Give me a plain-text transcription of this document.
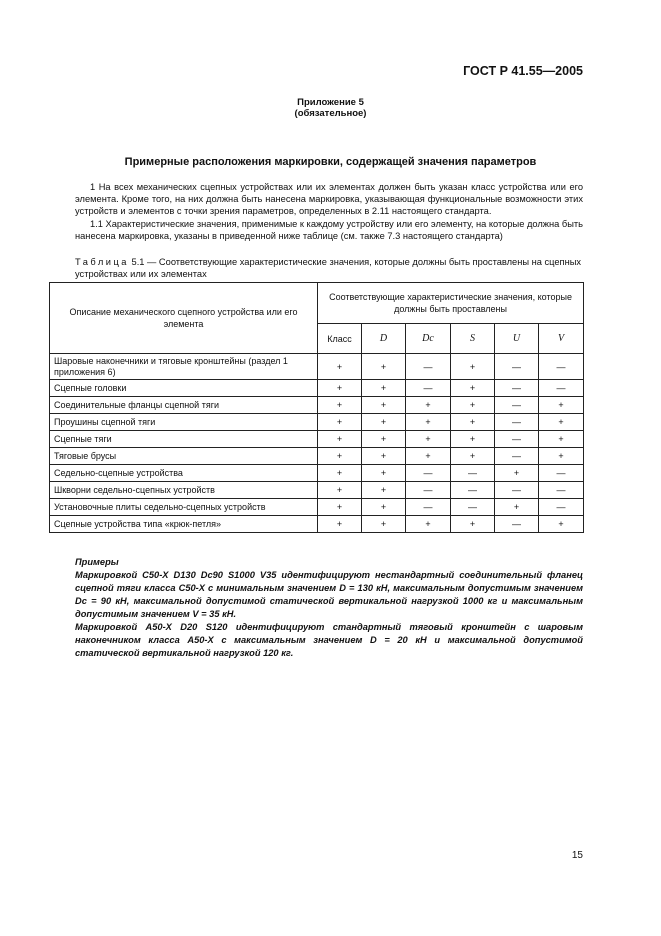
ГОСТ Р 41.55—2005
Приложение 5
(обязательное)
Примерные расположения маркировки, содержащей значения параметров
1 На всех механических сцепных устройствах или их элементах должен быть указан класс устройства или его элемента. Кроме того, на них должна быть нанесена маркировка, указывающая функциональные возможности этих устройств и элементов с точки зрения параметров, определенных в 2.11 настоящего стандарта.
1.1 Характеристические значения, применимые к каждому устройству или его элементу, на которые должна быть нанесена маркировка, указаны в приведенной ниже таблице (см. также 7.3 настоящего стандарта)
Таблица 5.1 — Соответствующие характеристические значения, которые должны быть проставлены на сцепных устройствах или их элементах
Описание механического сцепного устройства или его элемента	Соответствующие характеристические значения, которые должны быть проставлены					
	Класс	D	Dc	S	U	V
Шаровые наконечники и тяговые кронштейны (раздел 1 приложения 6)	+	+	—	+	—	—
Сцепные головки	+	+	—	+	—	—
Соединительные фланцы сцепной тяги	+	+	+	+	—	+
Проушины сцепной тяги	+	+	+	+	—	+
Сцепные тяги	+	+	+	+	—	+
Тяговые брусы	+	+	+	+	—	+
Седельно-сцепные устройства	+	+	—	—	+	—
Шкворни седельно-сцепных устройств	+	+	—	—	—	—
Установочные плиты седельно-сцепных устройств	+	+	—	—	+	—
Сцепные устройства типа «крюк-петля»	+	+	+	+	—	+

Примеры

Маркировкой C50-X D130 Dc90 S1000 V35 идентифицируют нестандартный соединительный фланец сцепной тяги класса C50-X с минимальным значением D = 130 кН, максимальным допустимым значением Dc = 90 кН, максимальной допустимой статической вертикальной нагрузкой 1000 кг и максимальным допустимым значением V = 35 кН.

Маркировкой A50-X D20 S120 идентифицируют стандартный тяговый кронштейн с шаровым наконечником класса A50-X с максимальным значением D = 20 кН и максимальной допустимой статической вертикальной нагрузкой 120 кг.

15
